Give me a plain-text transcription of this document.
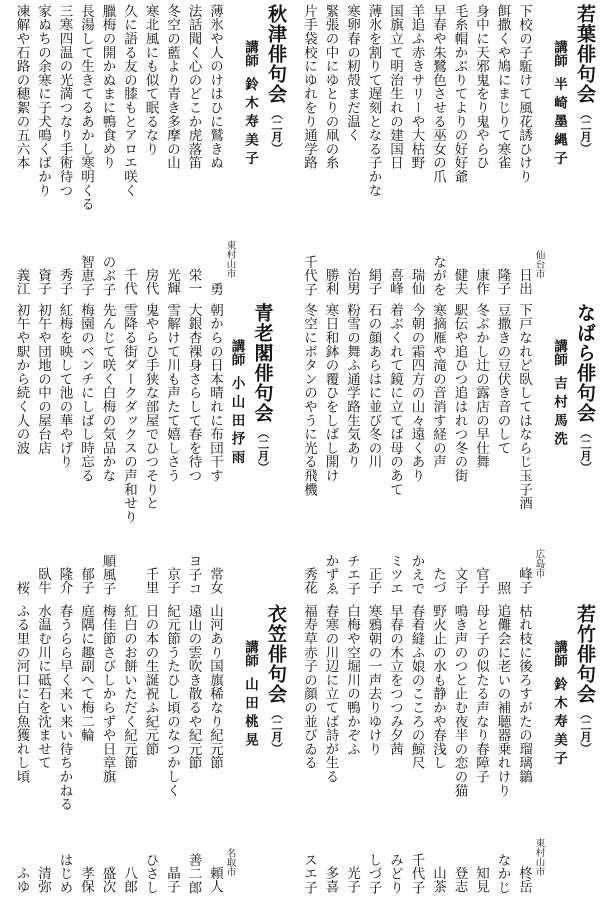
若葉俳句会
（二月）
講師
半崎墨縄子
仙台市
下校の子駈けて風花誘ひけり
日出
餌撒くや鳩にまじりて寒雀
隆子
身中に天邪鬼をり鬼やらひ
康作
毛糸帽かぶりてよりの好好爺
健夫
早春や朱鷺色させる巫女の爪
ながを
羊追ふ赤きサリーや大枯野
瑞仙
国旗立て明治生れの建国日
喜峰
薄氷を割りて遅刻となる子かな
絹子
寒卵春の籾殻まだ温く
治男
緊張の中にゆとりの凧の糸
勝利
片手袋校にゆれをり通学路
千代子
秋津俳句会
（二月）
講師
鈴木寿美子
東村山市
薄氷や人のけはひに鷲きぬ
勇
法話聞く心のどこか虎落笛
栄一
冬空の藍より青き多摩の山
光輝
寒北風にも似て眠るなり
房代
久に語る友の膝もとアロエ咲く
千代
臘梅の開かぬまに鴨食めり
のぶ子
長湯して生きてるあかし寒明くる
智恵子
三寒四温の光満つなり手術待つ
秀子
家ぬちの余寒に子犬鳴くばかり
資子
凍解や石路の穂絮の五六本
義江
なばら俳句会
（二月）
講師
吉村馬洗
広島市
下戸なれど臥してはならじ玉子酒
峰子
豆撒きの豆伏き音のして
照
冬ぶかし辻の露店の早仕舞
官子
駅伝や追ひつ追はれつ冬の街
文子
寒摘雁や滝の音消す経の声
たづ
今朝の霜四方の山々遠くあり
かえで
着ぶくれて鏡に立てば母のあて
ミツエ
石の顔あらはに並び冬の川
正子
粉雪の舞ふ通学路生気あり
チエ子
寒日和鉢の覆ひをしばし開け
かずゑ
冬空にボタンのやうに光る飛機
秀花
青老閣俳句会
（二月）
講師
小山田抒雨
朝からの日本晴れに布団干す
常女
大銀杏裸身さらして春を待つ
ヨ子コ
雪解けて川も声たて嬉しさう
京子
鬼やらひ手狭な部屋でひつそりと
千里
雪降る街ダークダックスの声和せり
先んじて咲く白梅の気品かな
順風子
梅園のベンチにしばし時忘る
郁子
紅梅を映して池の華やげり
隆介
初午や団地の中の屋台店
臥牛
初午や駅から続く人の波
桜
若竹俳句会
（二月）
講師
鈴木寿美子
東村山市
枯れ枝に後ろすがたの瑠璃鶲
柊岳
追儺会に老いの補聴器乗れけり
なかじ
母と子の似たる声なり春障子
知見
鳴き声のつと止む夜半の恋の猫
登志
野火止の水も静かや春浅し
山茶
春着縫ふ娘のこころの鯨尺
千代子
早春の木立をつつみ夕茜
みどり
寒鴉朝の一声去りゆけり
しづ子
白梅や空堀川の鴨かぞふ
光子
春寒の川辺に立てば詩が生る
多喜
福寿草赤子の顔の並びゐる
スエ子
衣笠俳句会
（二月）
講師
山田桃晃
名取市
山河あり国旗稀なり紀元節
頼人
遠山の雲吹き散るや紀元節
善二郎
紀元節うたひし頃のなつかしく
晶子
日の本の生誕祝ふ紀元節
ひさし
紅白のお餅いただく紀元節
八郎
梅佳節さびしからずや日章旗
盛次
庭隅に趣副へて梅二輪
孝保
春うらら早く来い来い待ちかねる
はじめ
水温む川に砥石を沈ませて
清弥
ふる里の河口に白魚獲れし頃
ふゆ
